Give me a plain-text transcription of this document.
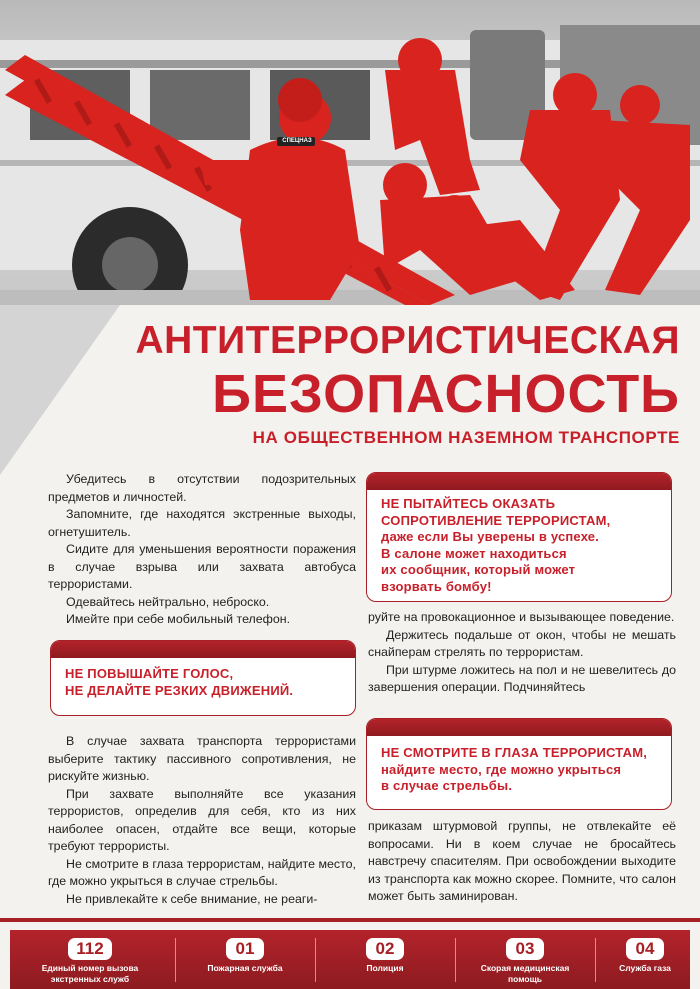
СПЕЦНАЗ
АНТИТЕРРОРИСТИЧЕСКАЯ
БЕЗОПАСНОСТЬ
НА ОБЩЕСТВЕННОМ НАЗЕМНОМ ТРАНСПОРТЕ

Убедитесь в отсутствии подозрительных предметов и личностей.

Запомните, где находятся экстренные выходы, огнетушитель.

Сидите для уменьшения вероятности поражения в случае взрыва или захвата автобуса террористами.

Одевайтесь нейтрально, неброско.

Имейте при себе мобильный телефон.

НЕ ПЫТАЙТЕСЬ ОКАЗАТЬ
СОПРОТИВЛЕНИЕ ТЕРРОРИСТАМ,
даже если Вы уверены в успехе.
В салоне может находиться
их сообщник, который может
взорвать бомбу!
НЕ ПОВЫШАЙТЕ ГОЛОС,
НЕ ДЕЛАЙТЕ РЕЗКИХ ДВИЖЕНИЙ.

В случае захвата транспорта террористами выберите тактику пассивного сопротивления, не рискуйте жизнью.

При захвате выполняйте все указания террористов, определив для себя, кто из них наиболее опасен, отдайте все вещи, которые требуют террористы.

Не смотрите в глаза террористам, найдите место, где можно укрыться в случае стрельбы.

Не привлекайте к себе внимание, не реаги-

руйте на провокационное и вызывающее поведение.

Держитесь подальше от окон, чтобы не мешать снайперам стрелять по террористам.

При штурме ложитесь на пол и не шевелитесь до завершения операции. Подчиняйтесь

НЕ СМОТРИТЕ В ГЛАЗА ТЕРРОРИСТАМ,
найдите место, где можно укрыться
в случае стрельбы.

приказам штурмовой группы, не отвлекайте её вопросами. Ни в коем случае не бросайтесь навстречу спасителям. При освобождении выходите из транспорта как можно скорее. Помните, что салон может быть заминирован.

112
Единый номер вызова
экстренных служб
01
Пожарная служба
02
Полиция
03
Скорая медицинская
помощь
04
Служба газа
